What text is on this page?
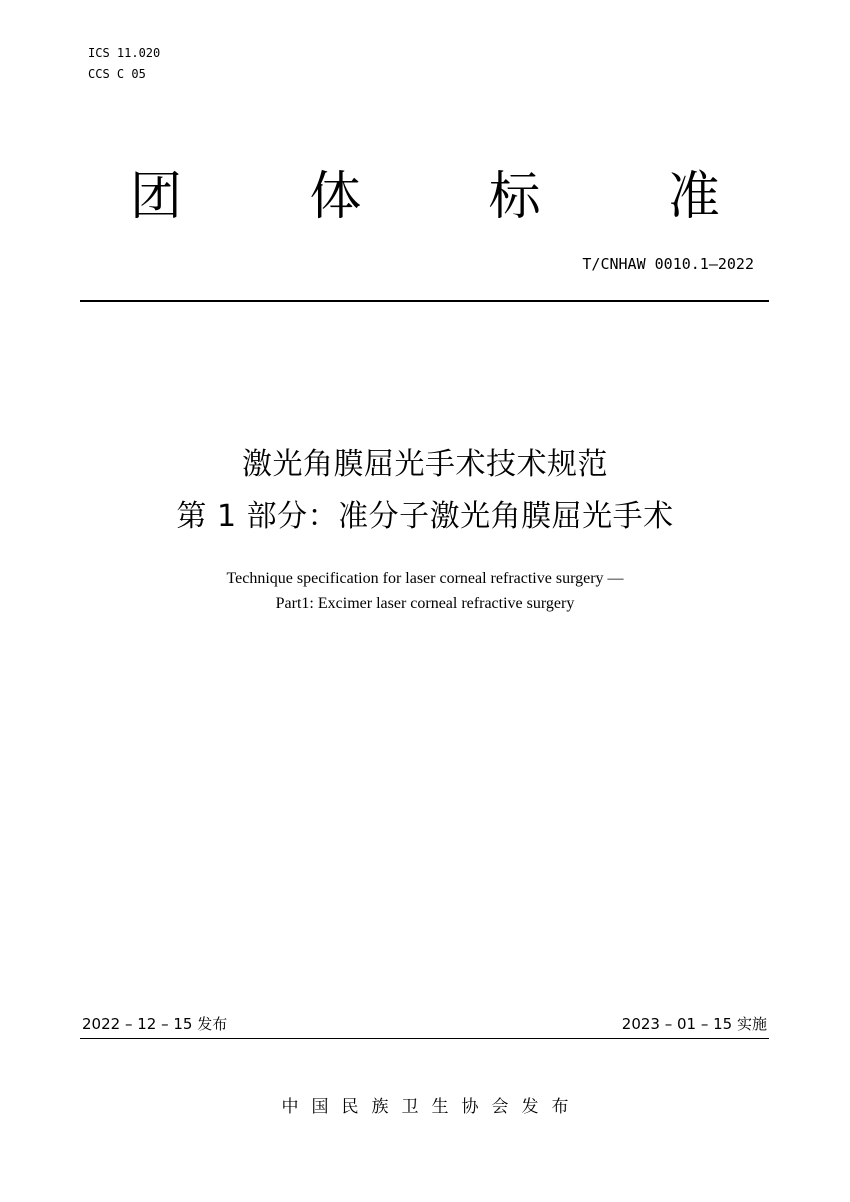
ICS 11.020
CCS C 05
团 体 标 准
T/CNHAW 0010.1—2022
激光角膜屈光手术技术规范
第 1 部分：准分子激光角膜屈光手术
Technique specification for laser corneal refractive surgery —
Part1: Excimer laser corneal refractive surgery
2022 – 12 – 15 发布	2023 – 01 – 15 实施
中国民族卫生协会发布
